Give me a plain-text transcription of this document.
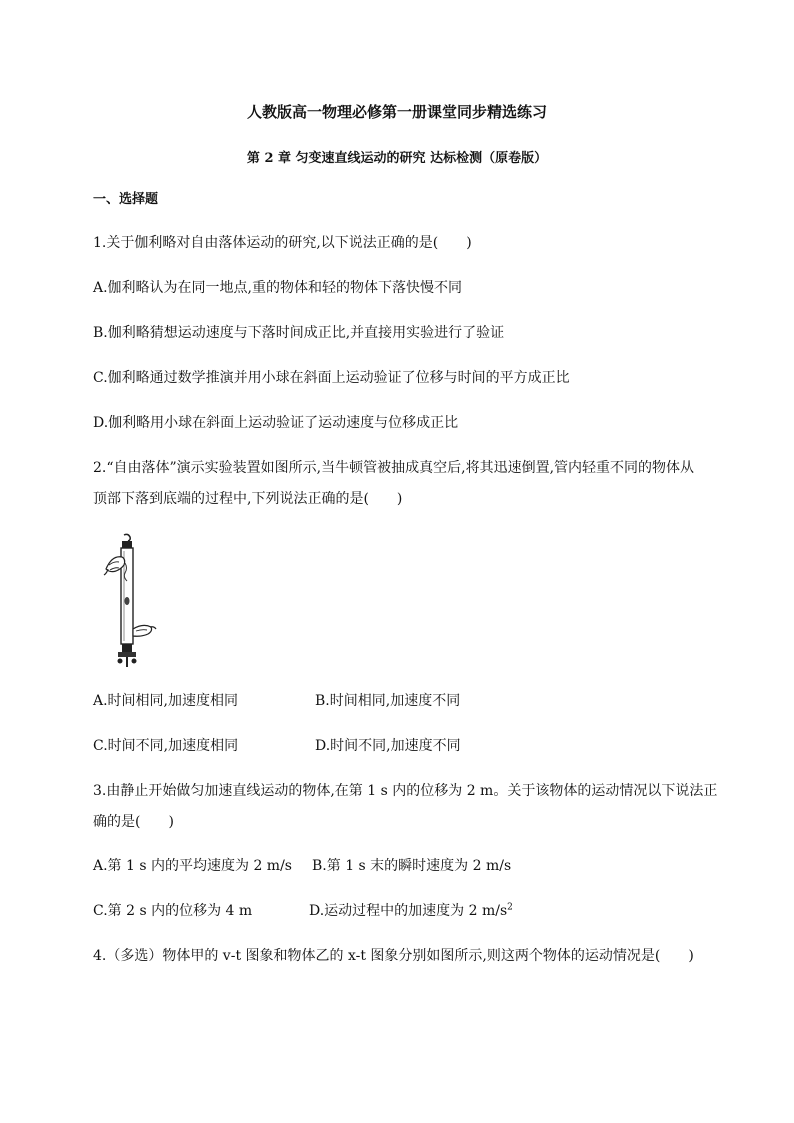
人教版高一物理必修第一册课堂同步精选练习
第 2 章 匀变速直线运动的研究 达标检测（原卷版）
一、选择题
1.关于伽利略对自由落体运动的研究,以下说法正确的是(　　)
A.伽利略认为在同一地点,重的物体和轻的物体下落快慢不同
B.伽利略猜想运动速度与下落时间成正比,并直接用实验进行了验证
C.伽利略通过数学推演并用小球在斜面上运动验证了位移与时间的平方成正比
D.伽利略用小球在斜面上运动验证了运动速度与位移成正比
2.“自由落体”演示实验装置如图所示,当牛顿管被抽成真空后,将其迅速倒置,管内轻重不同的物体从
顶部下落到底端的过程中,下列说法正确的是(　　)
A.时间相同,加速度相同	B.时间相同,加速度不同
C.时间不同,加速度相同	D.时间不同,加速度不同
3.由静止开始做匀加速直线运动的物体,在第 1 s 内的位移为 2 m。关于该物体的运动情况以下说法正
确的是(　　)
A.第 1 s 内的平均速度为 2 m/s B.第 1 s 末的瞬时速度为 2 m/s
C.第 2 s 内的位移为 4 m	D.运动过程中的加速度为 2 $m/s^2$
4.（多选）物体甲的 v-t 图象和物体乙的 x-t 图象分别如图所示,则这两个物体的运动情况是(　　)
